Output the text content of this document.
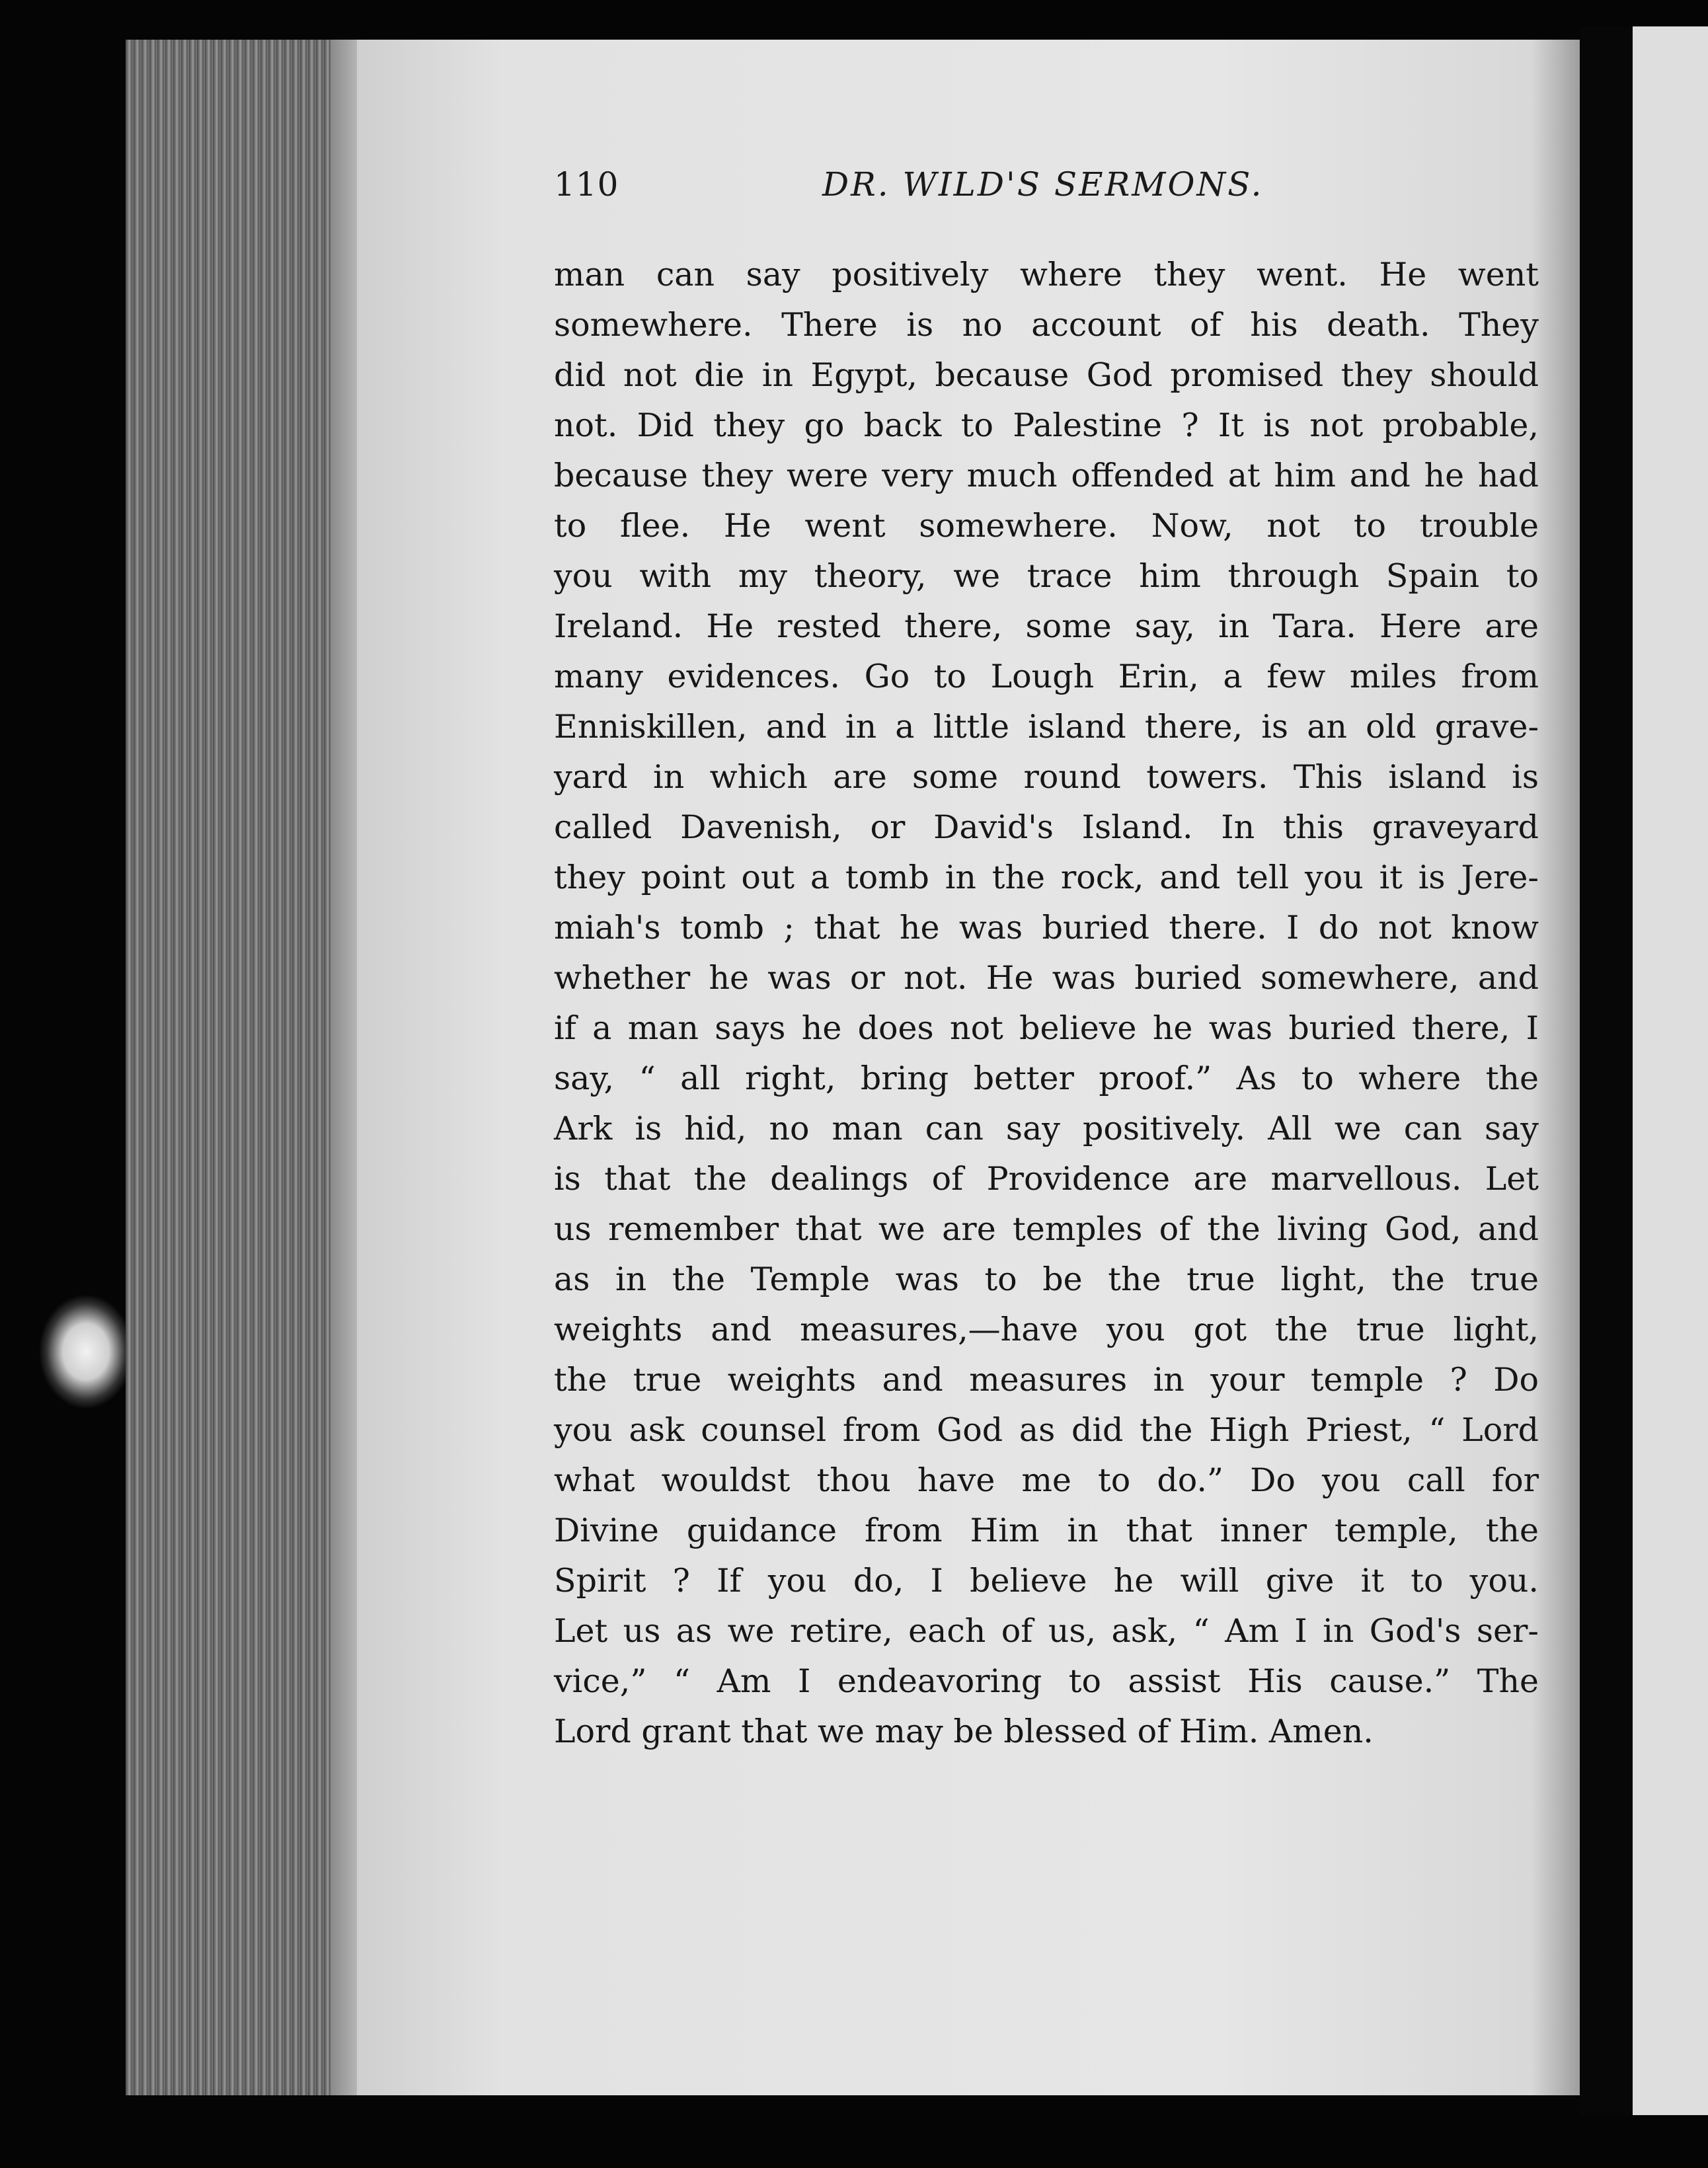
110	DR. WILD'S SERMONS.
man can say positively where they went. He went
somewhere. There is no account of his death. They
did not die in Egypt, because God promised they should
not. Did they go back to Palestine ? It is not probable,
because they were very much offended at him and he had
to flee. He went somewhere. Now, not to trouble
you with my theory, we trace him through Spain to
Ireland. He rested there, some say, in Tara. Here are
many evidences. Go to Lough Erin, a few miles from
Enniskillen, and in a little island there, is an old grave-
yard in which are some round towers. This island is
called Davenish, or David's Island. In this graveyard
they point out a tomb in the rock, and tell you it is Jere-
miah's tomb ; that he was buried there. I do not know
whether he was or not. He was buried somewhere, and
if a man says he does not believe he was buried there, I
say, “ all right, bring better proof.” As to where the
Ark is hid, no man can say positively. All we can say
is that the dealings of Providence are marvellous. Let
us remember that we are temples of the living God, and
as in the Temple was to be the true light, the true
weights and measures,—have you got the true light,
the true weights and measures in your temple ? Do
you ask counsel from God as did the High Priest, “ Lord
what wouldst thou have me to do.” Do you call for
Divine guidance from Him in that inner temple, the
Spirit ? If you do, I believe he will give it to you.
Let us as we retire, each of us, ask, “ Am I in God's ser-
vice,” “ Am I endeavoring to assist His cause.” The
Lord grant that we may be blessed of Him. Amen.
